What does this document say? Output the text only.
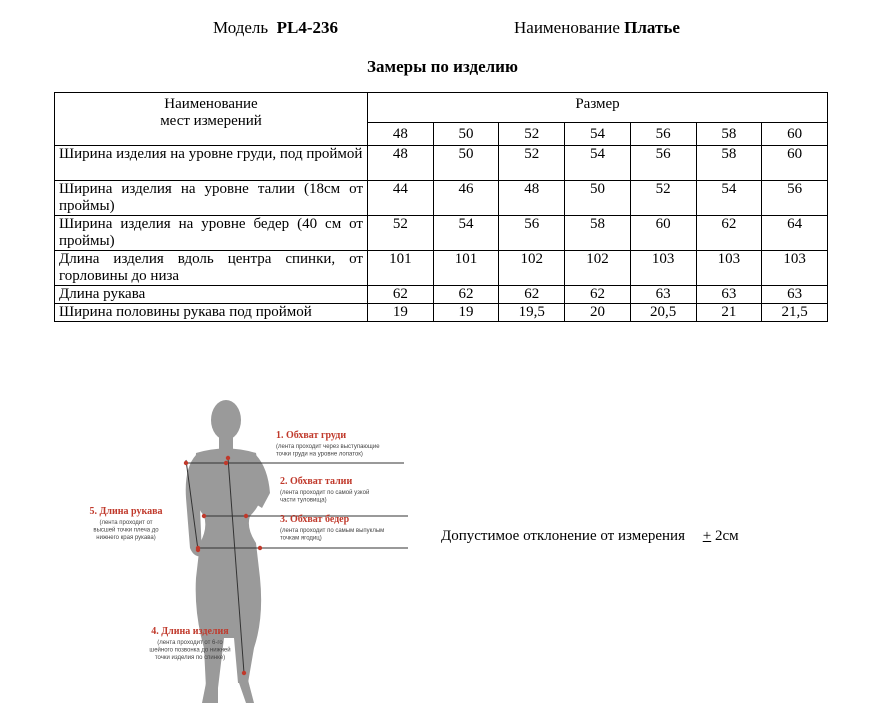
Модель PL4-236	Наименование Платье
Замеры по изделию
Наименование
мест измерений	Размер						
	48	50	52	54	56	58	60
Ширина изделия на уровне груди, под проймой	48	50	52	54	56	58	60
Ширина изделия на уровне талии (18см от проймы)	44	46	48	50	52	54	56
Ширина изделия на уровне бедер (40 см от проймы)	52	54	56	58	60	62	64
Длина изделия вдоль центра спинки, от горловины до низа	101	101	102	102	103	103	103
Длина рукава	62	62	62	62	63	63	63
Ширина половины рукава под проймой	19	19	19,5	20	20,5	21	21,5
1. Обхват груди
(лента проходит через выступающие
точки груди на уровне лопаток)
2. Обхват талии
(лента проходит по самой узкой
части туловища)
3. Обхват бедер
(лента проходит по самым выпуклым
точкам ягодиц)
4. Длина изделия
(лента проходит от 6-го
шейного позвонка до нижней
точки изделия по спинке)
5. Длина рукава
(лента проходит от
высшей точки плеча до
нижнего края рукава)	Допустимое отклонение от измерения + 2см
